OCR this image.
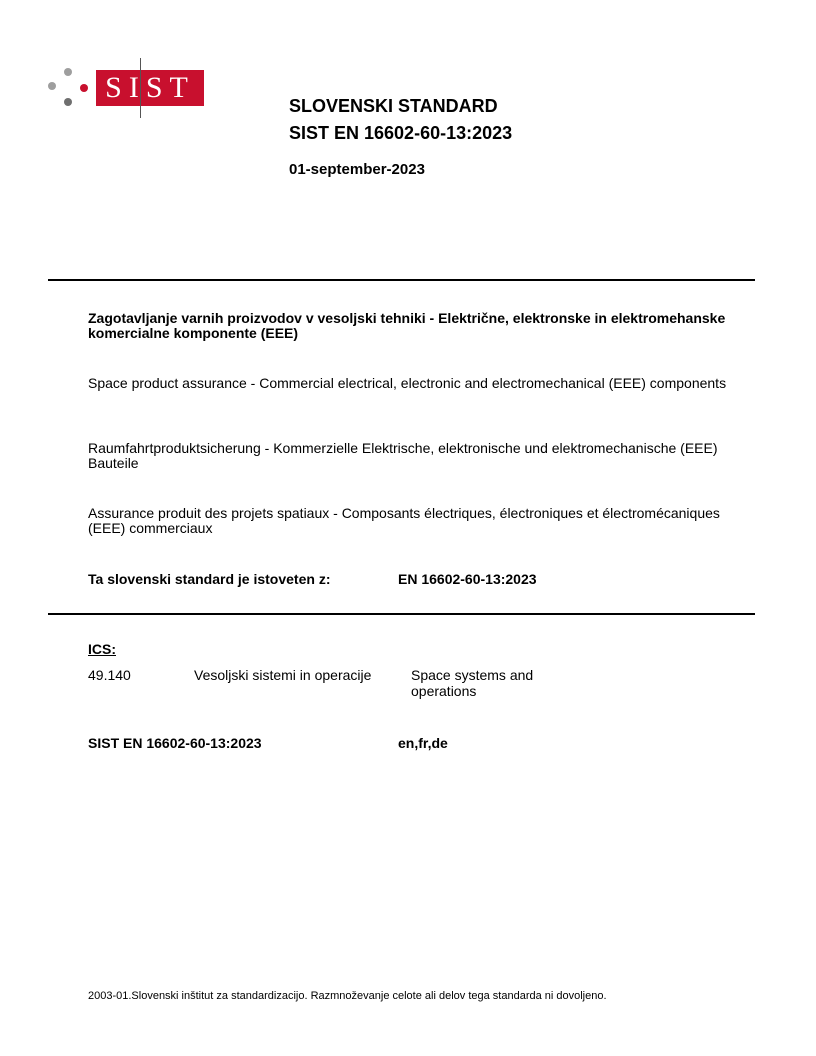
SIST
SLOVENSKI STANDARD
SIST EN 16602-60-13:2023
01-september-2023
Zagotavljanje varnih proizvodov v vesoljski tehniki - Električne, elektronske in elektromehanske komercialne komponente (EEE)
Space product assurance - Commercial electrical, electronic and electromechanical (EEE) components
Raumfahrtproduktsicherung - Kommerzielle Elektrische, elektronische und elektromechanische (EEE) Bauteile
Assurance produit des projets spatiaux - Composants électriques, électroniques et électromécaniques (EEE) commerciaux
Ta slovenski standard je istoveten z:	EN 16602-60-13:2023
ICS:
49.140	Vesoljski sistemi in operacije	Space systems and operations
SIST EN 16602-60-13:2023	en,fr,de
2003-01.Slovenski inštitut za standardizacijo. Razmnoževanje celote ali delov tega standarda ni dovoljeno.
